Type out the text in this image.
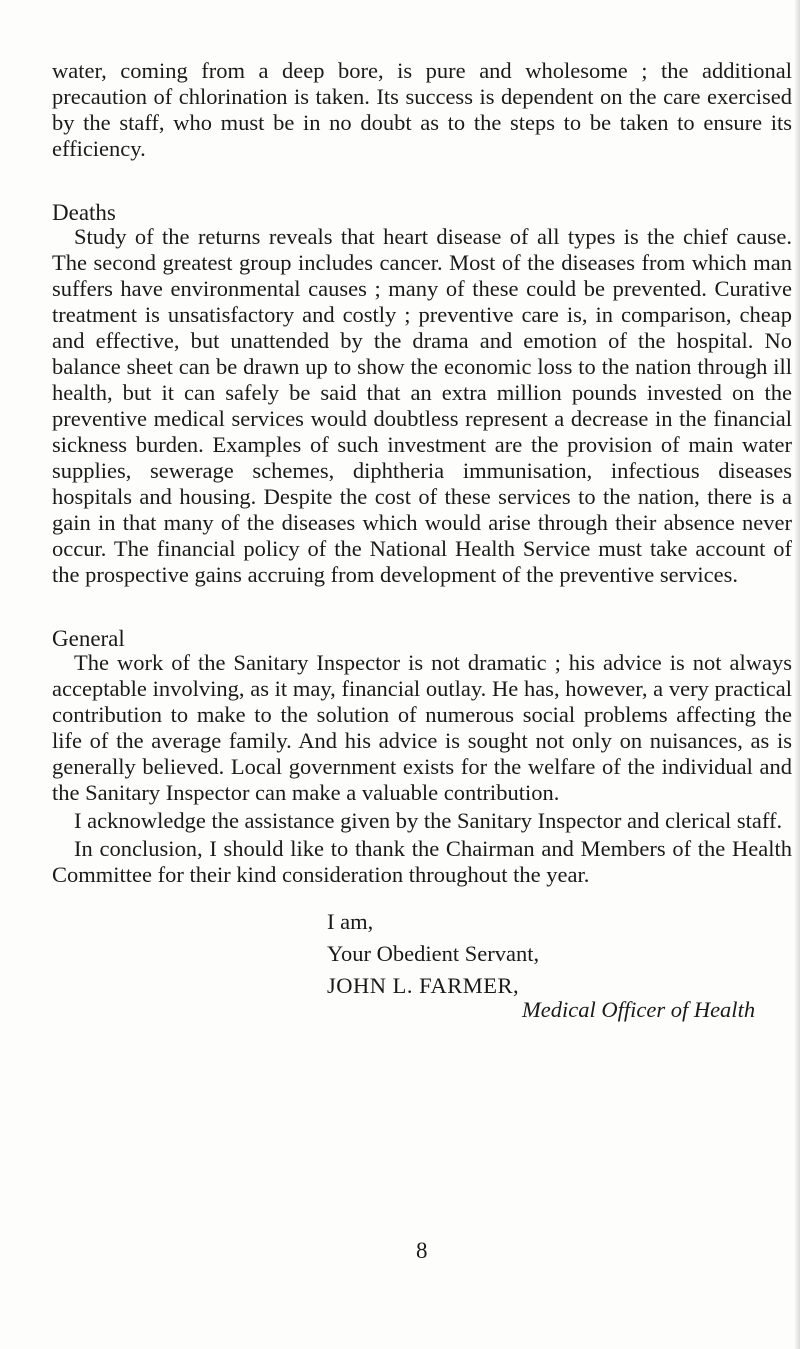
water, coming from a deep bore, is pure and wholesome ; the additional precaution of chlorination is taken. Its success is dependent on the care exercised by the staff, who must be in no doubt as to the steps to be taken to ensure its efficiency.

Deaths

Study of the returns reveals that heart disease of all types is the chief cause. The second greatest group includes cancer. Most of the diseases from which man suffers have environmental causes ; many of these could be prevented. Curative treatment is unsatisfactory and costly ; preventive care is, in comparison, cheap and effective, but unattended by the drama and emotion of the hospital. No balance sheet can be drawn up to show the economic loss to the nation through ill health, but it can safely be said that an extra million pounds invested on the preventive medical services would doubtless represent a decrease in the financial sickness burden. Examples of such investment are the provision of main water supplies, sewerage schemes, diphtheria immunisation, infectious diseases hospitals and housing. Despite the cost of these services to the nation, there is a gain in that many of the diseases which would arise through their absence never occur. The financial policy of the National Health Service must take account of the prospective gains accruing from development of the preventive services.

General

The work of the Sanitary Inspector is not dramatic ; his advice is not always acceptable involving, as it may, financial outlay. He has, however, a very practical contribution to make to the solution of numerous social problems affecting the life of the average family. And his advice is sought not only on nuisances, as is generally believed. Local government exists for the welfare of the individual and the Sanitary Inspector can make a valuable contribution.

I acknowledge the assistance given by the Sanitary Inspector and clerical staff.

In conclusion, I should like to thank the Chairman and Members of the Health Committee for their kind consideration throughout the year.

I am,
Your Obedient Servant,
JOHN L. FARMER,
Medical Officer of Health
8
